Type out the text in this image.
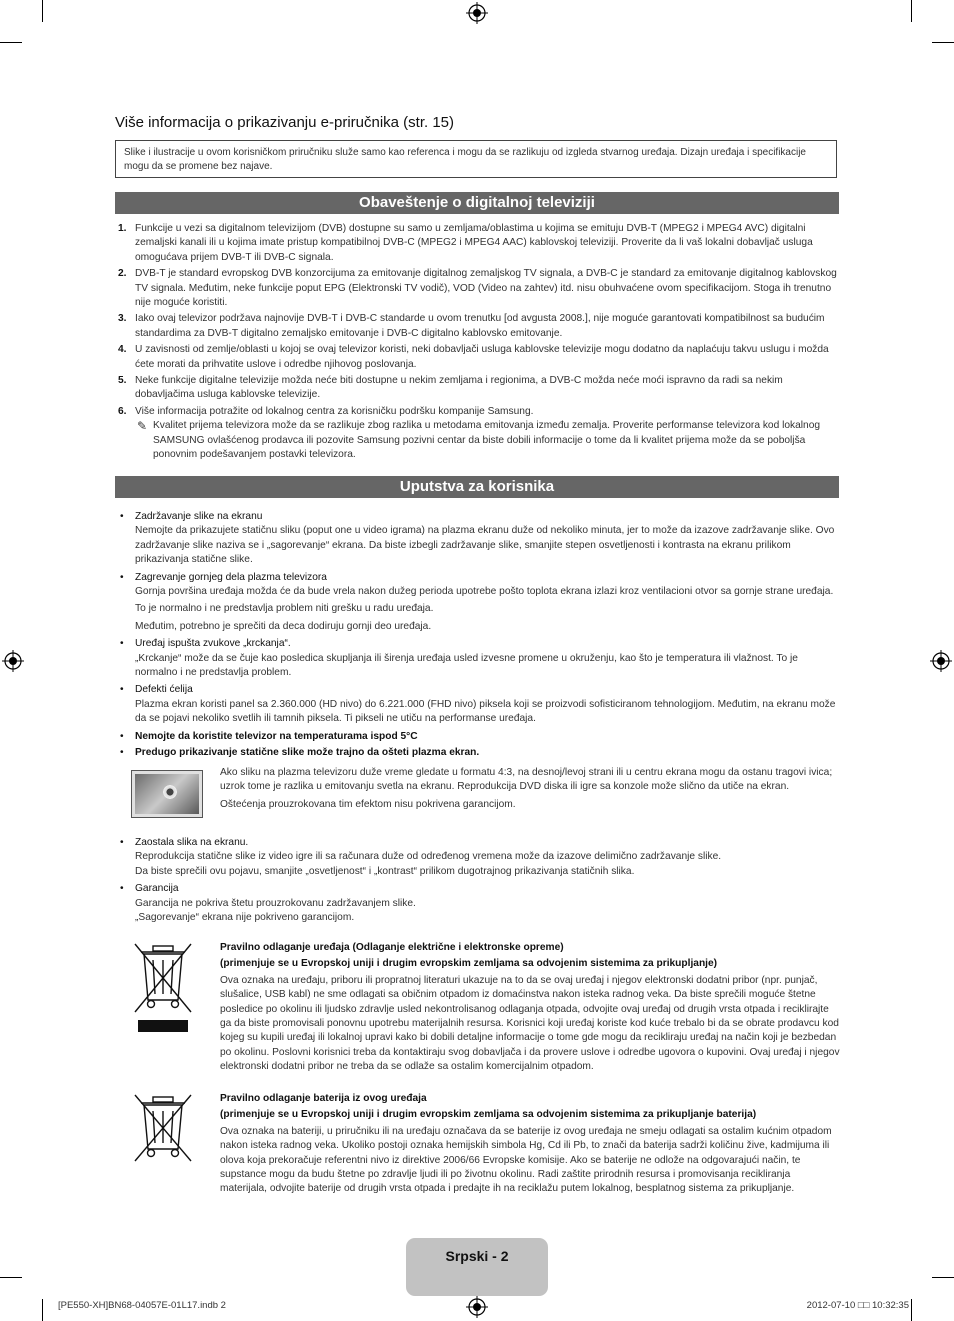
Više informacija o prikazivanju e-priručnika (str. 15)
Slike i ilustracije u ovom korisničkom priručniku služe samo kao referenca i mogu da se razlikuju od izgleda stvarnog uređaja. Dizajn uređaja i specifikacije mogu da se promene bez najave.
Obaveštenje o digitalnoj televiziji
1. Funkcije u vezi sa digitalnom televizijom (DVB) dostupne su samo u zemljama/oblastima u kojima se emituju DVB-T (MPEG2 i MPEG4 AVC) digitalni zemaljski kanali ili u kojima imate pristup kompatibilnoj DVB-C (MPEG2 i MPEG4 AAC) kablovskoj televiziji. Proverite da li vaš lokalni dobavljač usluga omogućava prijem DVB-T ili DVB-C signala.
2. DVB-T je standard evropskog DVB konzorcijuma za emitovanje digitalnog zemaljskog TV signala, a DVB-C je standard za emitovanje digitalnog kablovskog TV signala. Međutim, neke funkcije poput EPG (Elektronski TV vodič), VOD (Video na zahtev) itd. nisu obuhvaćene ovom specifikacijom. Stoga ih trenutno nije moguće koristiti.
3. Iako ovaj televizor podržava najnovije DVB-T i DVB-C standarde u ovom trenutku [od avgusta 2008.], nije moguće garantovati kompatibilnost sa budućim standardima za DVB-T digitalno zemaljsko emitovanje i DVB-C digitalno kablovsko emitovanje.
4. U zavisnosti od zemlje/oblasti u kojoj se ovaj televizor koristi, neki dobavljači usluga kablovske televizije mogu dodatno da naplaćuju takvu uslugu i možda ćete morati da prihvatite uslove i odredbe njihovog poslovanja.
5. Neke funkcije digitalne televizije možda neće biti dostupne u nekim zemljama i regionima, a DVB-C možda neće moći ispravno da radi sa nekim dobavljačima usluga kablovske televizije.
6. Više informacija potražite od lokalnog centra za korisničku podršku kompanije Samsung.
✎ Kvalitet prijema televizora može da se razlikuje zbog razlika u metodama emitovanja između zemalja. Proverite performanse televizora kod lokalnog SAMSUNG ovlašćenog prodavca ili pozovite Samsung pozivni centar da biste dobili informacije o tome da li kvalitet prijema može da se poboljša ponovnim podešavanjem postavki televizora.
Uputstva za korisnika
• Zadržavanje slike na ekranu

Nemojte da prikazujete statičnu sliku (poput one u video igrama) na plazma ekranu duže od nekoliko minuta, jer to može da izazove zadržavanje slike. Ovo zadržavanje slike naziva se i „sagorevanje“ ekrana. Da biste izbegli zadržavanje slike, smanjite stepen osvetljenosti i kontrasta na ekranu prilikom prikazivanja statične slike.

• Zagrevanje gornjeg dela plazma televizora

Gornja površina uređaja možda će da bude vrela nakon dužeg perioda upotrebe pošto toplota ekrana izlazi kroz ventilacioni otvor sa gornje strane uređaja.

To je normalno i ne predstavlja problem niti grešku u radu uređaja.

Međutim, potrebno je sprečiti da deca dodiruju gornji deo uređaja.

• Uređaj ispušta zvukove „krckanja“.

„Krckanje“ može da se čuje kao posledica skupljanja ili širenja uređaja usled izvesne promene u okruženju, kao što je temperatura ili vlažnost. To je normalno i ne predstavlja problem.

• Defekti ćelija

Plazma ekran koristi panel sa 2.360.000 (HD nivo) do 6.221.000 (FHD nivo) piksela koji se proizvodi sofisticiranom tehnologijom. Međutim, na ekranu može da se pojavi nekoliko svetlih ili tamnih piksela. Ti pikseli ne utiču na performanse uređaja.

• Nemojte da koristite televizor na temperaturama ispod 5°C
• Predugo prikazivanje statične slike može trajno da ošteti plazma ekran.

Ako sliku na plazma televizoru duže vreme gledate u formatu 4:3, na desnoj/levoj strani ili u centru ekrana mogu da ostanu tragovi ivica; uzrok tome je razlika u emitovanju svetla na ekranu. Reprodukcija DVD diska ili igre sa konzole može slično da utiče na ekran.

Oštećenja prouzrokovana tim efektom nisu pokrivena garancijom.

• Zaostala slika na ekranu.

Reprodukcija statične slike iz video igre ili sa računara duže od određenog vremena može da izazove delimično zadržavanje slike.

Da biste sprečili ovu pojavu, smanjite „osvetljenost“ i „kontrast“ prilikom dugotrajnog prikazivanja statičnih slika.

• Garancija

Garancija ne pokriva štetu prouzrokovanu zadržavanjem slike.

„Sagorevanje“ ekrana nije pokriveno garancijom.

Pravilno odlaganje uređaja (Odlaganje električne i elektronske opreme)

(primenjuje se u Evropskoj uniji i drugim evropskim zemljama sa odvojenim sistemima za prikupljanje)

Ova oznaka na uređaju, priboru ili propratnoj literaturi ukazuje na to da se ovaj uređaj i njegov elektronski dodatni pribor (npr. punjač, slušalice, USB kabl) ne sme odlagati sa običnim otpadom iz domaćinstva nakon isteka radnog veka. Da biste sprečili moguće štetne posledice po okolinu ili ljudsko zdravlje usled nekontrolisanog odlaganja otpada, odvojite ovaj uređaj od drugih vrsta otpada i reciklirajte ga da biste promovisali ponovnu upotrebu materijalnih resursa. Korisnici koji uređaj koriste kod kuće trebalo bi da se obrate prodavcu kod kojeg su kupili uređaj ili lokalnoj upravi kako bi dobili detaljne informacije o tome gde mogu da recikliraju uređaj na način koji je bezbedan po okolinu. Poslovni korisnici treba da kontaktiraju svog dobavljača i da provere uslove i odredbe ugovora o kupovini. Ovaj uređaj i njegov elektronski dodatni pribor ne treba da se odlaže sa ostalim komercijalnim otpadom.

Pravilno odlaganje baterija iz ovog uređaja

(primenjuje se u Evropskoj uniji i drugim evropskim zemljama sa odvojenim sistemima za prikupljanje baterija)

Ova oznaka na bateriji, u priručniku ili na uređaju označava da se baterije iz ovog uređaja ne smeju odlagati sa ostalim kućnim otpadom nakon isteka radnog veka. Ukoliko postoji oznaka hemijskih simbola Hg, Cd ili Pb, to znači da baterija sadrži količinu žive, kadmijuma ili olova koja prekoračuje referentni nivo iz direktive 2006/66 Evropske komisije. Ako se baterije ne odlože na odgovarajući način, te supstance mogu da budu štetne po zdravlje ljudi ili po životnu okolinu. Radi zaštite prirodnih resursa i promovisanja recikliranja materijala, odvojite baterije od drugih vrsta otpada i predajte ih na reciklažu putem lokalnog, besplatnog sistema za prikupljanje.

Srpski - 2
[PE550-XH]BN68-04057E-01L17.indb 2	2012-07-10 □□ 10:32:35
